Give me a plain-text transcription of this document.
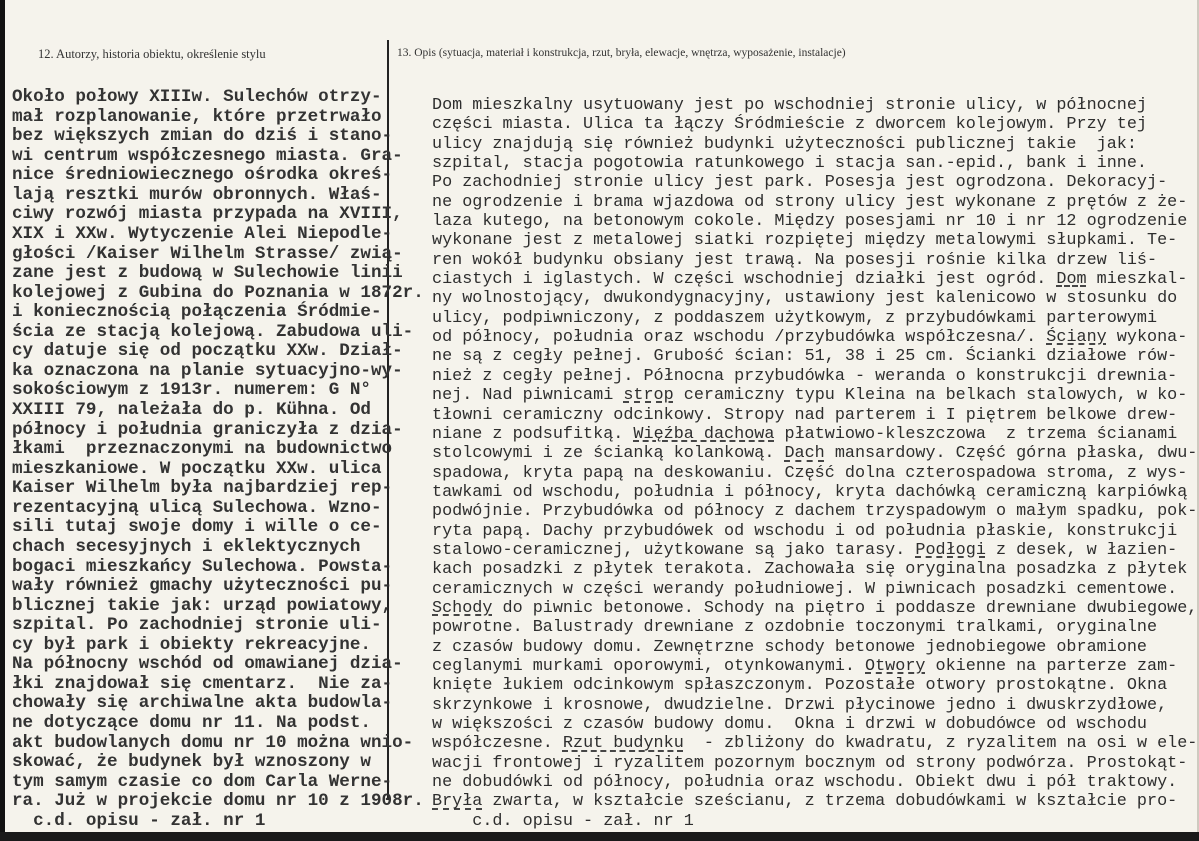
12. Autorzy, historia obiektu, określenie stylu	13. Opis (sytuacja, materiał i konstrukcja, rzut, bryła, elewacje, wnętrza, wyposażenie, instalacje)
Około połowy XIIIw. Sulechów otrzy-
mał rozplanowanie, które przetrwało
bez większych zmian do dziś i stano-
wi centrum współczesnego miasta. Gra-
nice średniowiecznego ośrodka okreś-
lają resztki murów obronnych. Właś-
ciwy rozwój miasta przypada na XVIII,
XIX i XXw. Wytyczenie Alei Niepodle-
głości /Kaiser Wilhelm Strasse/ zwią-
zane jest z budową w Sulechowie linii
kolejowej z Gubina do Poznania w 1872r.
i koniecznością połączenia Śródmie-
ścia ze stacją kolejową. Zabudowa uli-
cy datuje się od początku XXw. Dział-
ka oznaczona na planie sytuacyjno-wy-
sokościowym z 1913r. numerem: G N°
XXIII 79, należała do p. Kühna. Od
północy i południa graniczyła z dzia-
łkami  przeznaczonymi na budownictwo
mieszkaniowe. W początku XXw. ulica
Kaiser Wilhelm była najbardziej rep-
rezentacyjną ulicą Sulechowa. Wzno-
sili tutaj swoje domy i wille o ce-
chach secesyjnych i eklektycznych
bogaci mieszkańcy Sulechowa. Powsta-
wały również gmachy użyteczności pu-
blicznej takie jak: urząd powiatowy,
szpital. Po zachodniej stronie uli-
cy był park i obiekty rekreacyjne.
Na północny wschód od omawianej dzia-
łki znajdował się cmentarz.  Nie za-
chowały się archiwalne akta budowla-
ne dotyczące domu nr 11. Na podst.
akt budowlanych domu nr 10 można wnio-
skować, że budynek był wznoszony w
tym samym czasie co dom Carla Werne-
ra. Już w projekcie domu nr 10 z 1908r.
c.d. opisu - zał. nr 1
Dom mieszkalny usytuowany jest po wschodniej stronie ulicy, w północnej
części miasta. Ulica ta łączy Śródmieście z dworcem kolejowym. Przy tej
ulicy znajdują się również budynki użyteczności publicznej takie  jak:
szpital, stacja pogotowia ratunkowego i stacja san.-epid., bank i inne.
Po zachodniej stronie ulicy jest park. Posesja jest ogrodzona. Dekoracyj-
ne ogrodzenie i brama wjazdowa od strony ulicy jest wykonane z prętów z że-
laza kutego, na betonowym cokole. Między posesjami nr 10 i nr 12 ogrodzenie
wykonane jest z metalowej siatki rozpiętej między metalowymi słupkami. Te-
ren wokół budynku obsiany jest trawą. Na posesji rośnie kilka drzew liś-
ciastych i iglastych. W części wschodniej działki jest ogród. Dom mieszkal-
ny wolnostojący, dwukondygnacyjny, ustawiony jest kalenicowo w stosunku do
ulicy, podpiwniczony, z poddaszem użytkowym, z przybudówkami parterowymi
od północy, południa oraz wschodu /przybudówka współczesna/. Ściany wykona-
ne są z cegły pełnej. Grubość ścian: 51, 38 i 25 cm. Ścianki działowe rów-
nież z cegły pełnej. Północna przybudówka - weranda o konstrukcji drewnia-
nej. Nad piwnicami strop ceramiczny typu Kleina na belkach stalowych, w ko-
tłowni ceramiczny odcinkowy. Stropy nad parterem i I piętrem belkowe drew-
niane z podsufitką. Więźba dachowa płatwiowo-kleszczowa  z trzema ścianami
stolcowymi i ze ścianką kolankową. Dach mansardowy. Część górna płaska, dwu-
spadowa, kryta papą na deskowaniu. Część dolna czterospadowa stroma, z wys-
tawkami od wschodu, południa i północy, kryta dachówką ceramiczną karpiówką
podwójnie. Przybudówka od północy z dachem trzyspadowym o małym spadku, pok-
ryta papą. Dachy przybudówek od wschodu i od południa płaskie, konstrukcji
stalowo-ceramicznej, użytkowane są jako tarasy. Podłogi z desek, w łazien-
kach posadzki z płytek terakota. Zachowała się oryginalna posadzka z płytek
ceramicznych w części werandy południowej. W piwnicach posadzki cementowe.
Schody do piwnic betonowe. Schody na piętro i poddasze drewniane dwubiegowe,
powrotne. Balustrady drewniane z ozdobnie toczonymi tralkami, oryginalne
z czasów budowy domu. Zewnętrzne schody betonowe jednobiegowe obramione
ceglanymi murkami oporowymi, otynkowanymi. Otwory okienne na parterze zam-
knięte łukiem odcinkowym spłaszczonym. Pozostałe otwory prostokątne. Okna
skrzynkowe i krosnowe, dwudzielne. Drzwi płycinowe jedno i dwuskrzydłowe,
w większości z czasów budowy domu.  Okna i drzwi w dobudówce od wschodu
współczesne. Rzut budynku  - zbliżony do kwadratu, z ryzalitem na osi w ele-
wacji frontowej i ryzalitem pozornym bocznym od strony podwórza. Prostokąt-
ne dobudówki od północy, południa oraz wschodu. Obiekt dwu i pół traktowy.
Bryła zwarta, w kształcie sześcianu, z trzema dobudówkami w kształcie pro-
c.d. opisu - zał. nr 1
